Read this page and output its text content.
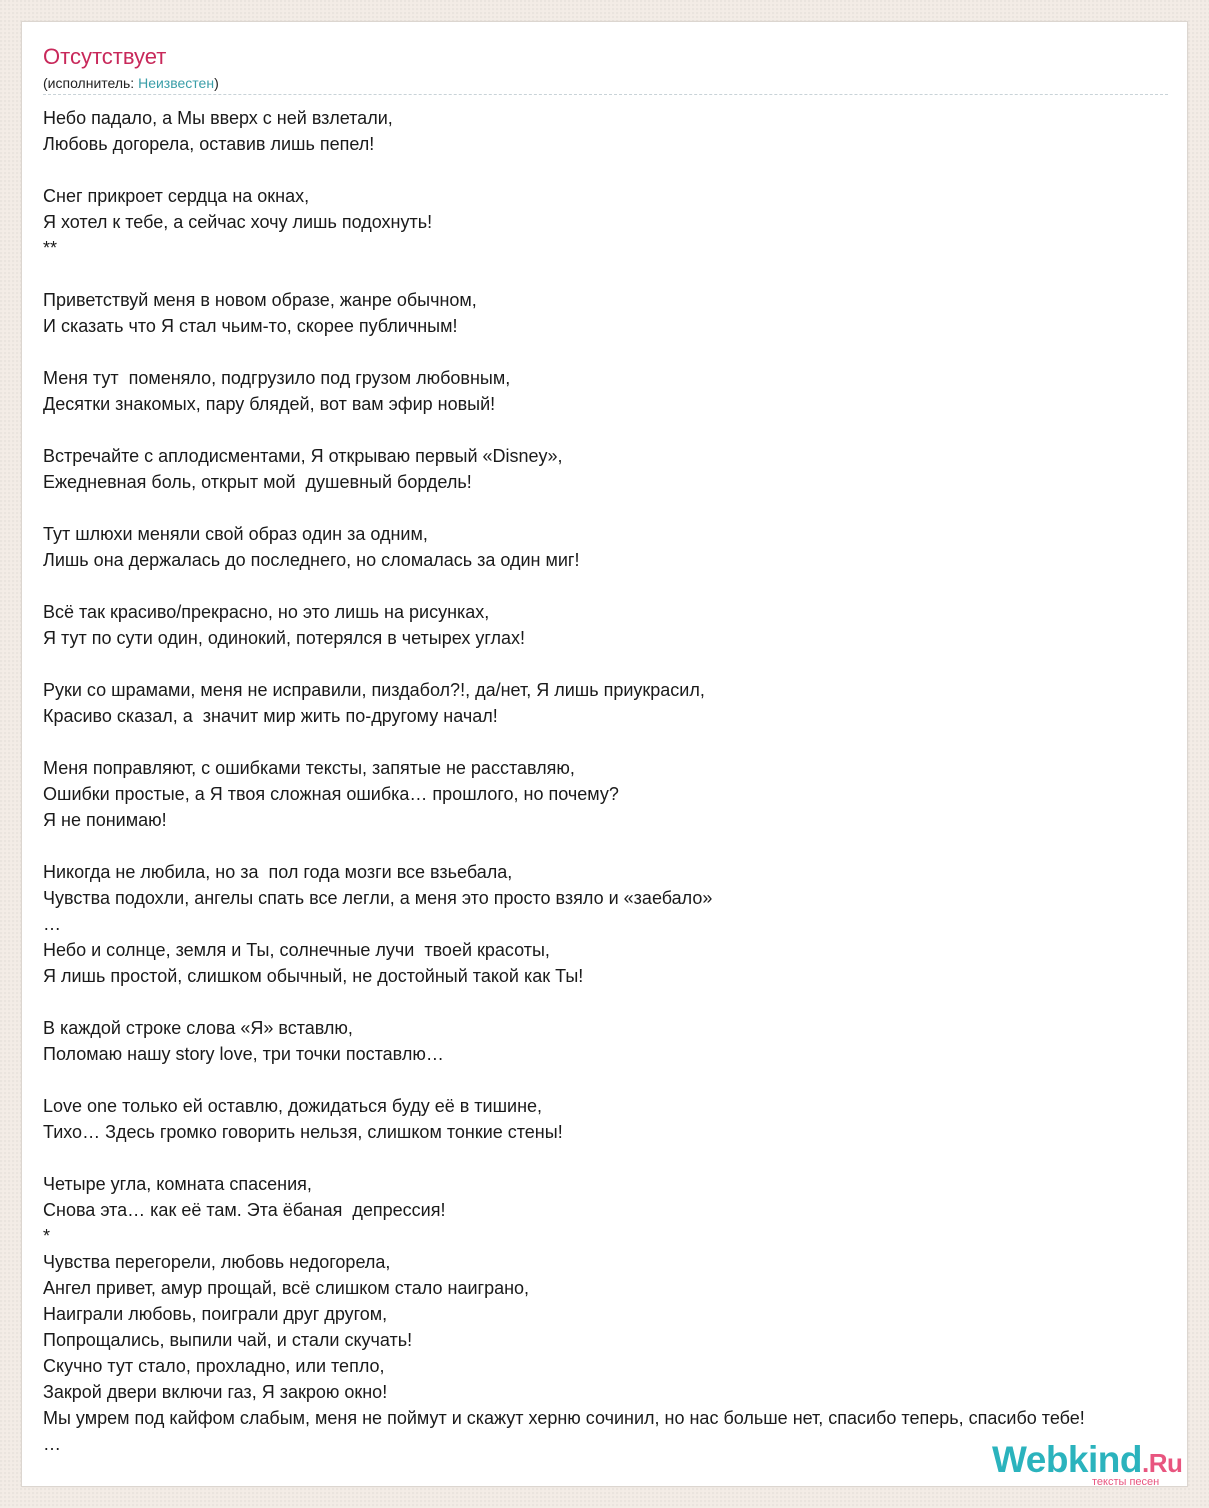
Отсутствует
(исполнитель: Неизвестен)
Небо падало, а Мы вверх с ней взлетали,
Любовь догорела, оставив лишь пепел!

Снег прикроет сердца на окнах,
Я хотел к тебе, а сейчас хочу лишь подохнуть!
**

Приветствуй меня в новом образе, жанре обычном,
И сказать что Я стал чьим-то, скорее публичным!

Меня тут  поменяло, подгрузило под грузом любовным,
Десятки знакомых, пару блядей, вот вам эфир новый!

Встречайте с аплодисментами, Я открываю первый «Disney»,
Ежедневная боль, открыт мой  душевный бордель!

Тут шлюхи меняли свой образ один за одним,
Лишь она держалась до последнего, но сломалась за один миг!

Всё так красиво/прекрасно, но это лишь на рисунках,
Я тут по сути один, одинокий, потерялся в четырех углах!

Руки со шрамами, меня не исправили, пиздабол?!, да/нет, Я лишь приукрасил,
Красиво сказал, а  значит мир жить по-другому начал!

Меня поправляют, с ошибками тексты, запятые не расставляю,
Ошибки простые, а Я твоя сложная ошибка… прошлого, но почему?
Я не понимаю!

Никогда не любила, но за  пол года мозги все взьебала,
Чувства подохли, ангелы спать все легли, а меня это просто взяло и «заебало»
…
Небо и солнце, земля и Ты, солнечные лучи  твоей красоты,
Я лишь простой, слишком обычный, не достойный такой как Ты!

В каждой строке слова «Я» вставлю,
Поломаю нашу story love, три точки поставлю…

Love one только ей оставлю, дожидаться буду её в тишине,
Тихо… Здесь громко говорить нельзя, слишком тонкие стены!

Четыре угла, комната спасения,
Снова эта… как её там. Эта ёбаная  депрессия!
*
Чувства перегорели, любовь недогорела,
Ангел привет, амур прощай, всё слишком стало наиграно,
Наиграли любовь, поиграли друг другом,
Попрощались, выпили чай, и стали скучать!
Скучно тут стало, прохладно, или тепло,
Закрой двери включи газ, Я закрою окно!
Мы умрем под кайфом слабым, меня не поймут и скажут херню сочинил, но нас больше нет, спасибо теперь, спасибо тебе!
…	Webkind.Ru
тексты песен
